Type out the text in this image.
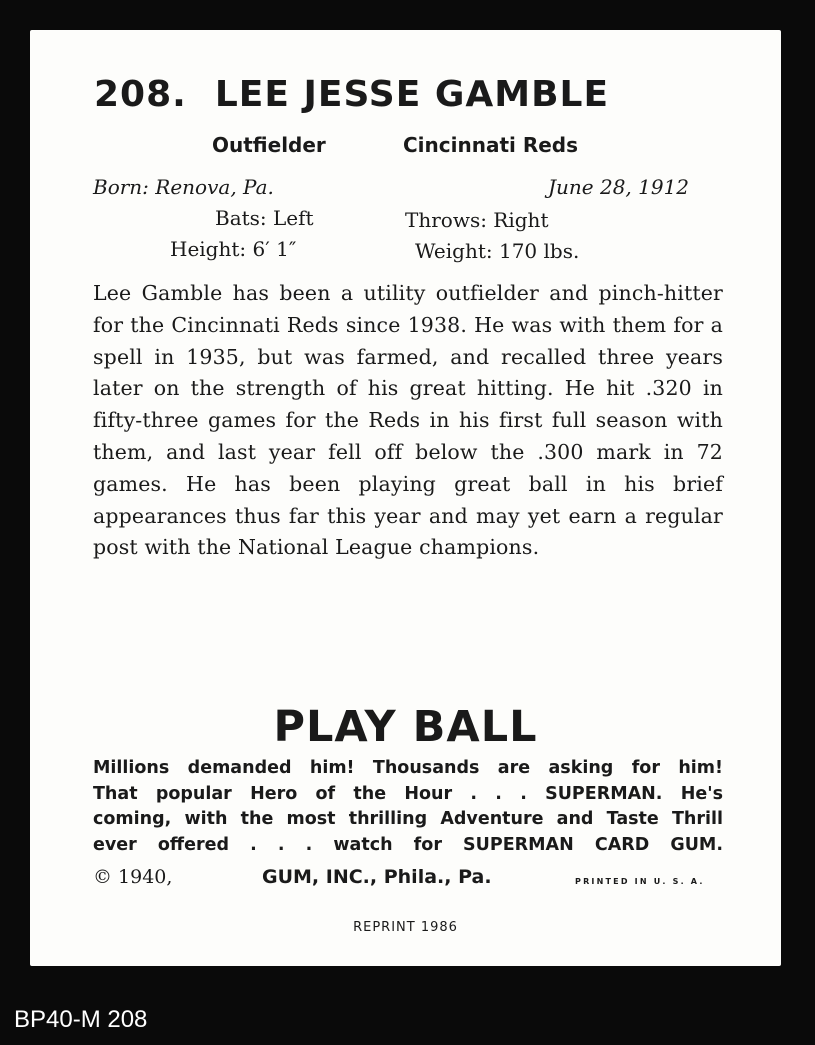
208. LEE JESSE GAMBLE
Outfielder	Cincinnati Reds
Born: Renova, Pa.	June 28, 1912
Bats: Left	Throws: Right
Height: 6′ 1″	Weight: 170 lbs.
Lee Gamble has been a utility outfielder and pinch-hitter for the Cincinnati Reds since 1938. He was with them for a spell in 1935, but was farmed, and recalled three years later on the strength of his great hitting. He hit .320 in fifty-three games for the Reds in his first full season with them, and last year fell off below the .300 mark in 72 games. He has been playing great ball in his brief appearances thus far this year and may yet earn a regular post with the National League champions.
PLAY BALL
Millions demanded him! Thousands are asking for him!
That popular Hero of the Hour . . . SUPERMAN. He's
coming, with the most thrilling Adventure and Taste Thrill
ever offered . . . watch for SUPERMAN CARD GUM.
© 1940,	GUM, INC., Phila., Pa.	PRINTED IN U. S. A.
REPRINT 1986
BP40-M 208
